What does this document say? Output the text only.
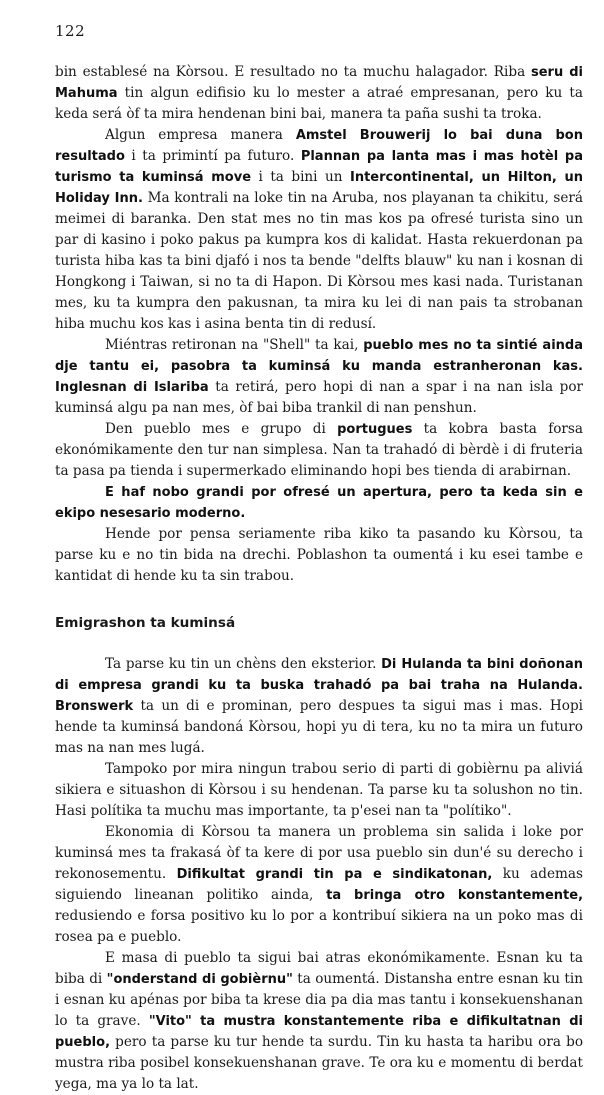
122

bin establesé na Kòrsou. E resultado no ta muchu halagador. Riba seru di Mahuma tin algun edifisio ku lo mester a atraé empresanan, pero ku ta keda será òf ta mira hendenan bini bai, manera ta paña sushi ta troka.

Algun empresa manera Amstel Brouwerij lo bai duna bon resultado i ta primintí pa futuro. Plannan pa lanta mas i mas hotèl pa turismo ta kuminsá move i ta bini un Intercontinental, un Hilton, un Holiday Inn. Ma kontrali na loke tin na Aruba, nos playanan ta chikitu, será meimei di baranka. Den stat mes no tin mas kos pa ofresé turista sino un par di kasino i poko pakus pa kumpra kos di kalidat. Hasta rekuerdonan pa turista hiba kas ta bini djafó i nos ta bende "delfts blauw" ku nan i kosnan di Hongkong i Taiwan, si no ta di Hapon. Di Kòrsou mes kasi nada. Turistanan mes, ku ta kumpra den pakusnan, ta mira ku lei di nan pais ta strobanan hiba muchu kos kas i asina benta tin di redusí.

Miéntras retironan na "Shell" ta kai, pueblo mes no ta sintié ainda dje tantu ei, pasobra ta kuminsá ku manda estranheronan kas. Inglesnan di Islariba ta retirá, pero hopi di nan a spar i na nan isla por kuminsá algu pa nan mes, òf bai biba trankil di nan penshun.

Den pueblo mes e grupo di portugues ta kobra basta forsa ekonómikamente den tur nan simplesa. Nan ta trahadó di bèrdè i di fruteria ta pasa pa tienda i supermerkado eliminando hopi bes tienda di arabirnan.

E haf nobo grandi por ofresé un apertura, pero ta keda sin e ekipo nesesario moderno.

Hende por pensa seriamente riba kiko ta pasando ku Kòrsou, ta parse ku e no tin bida na drechi. Poblashon ta oumentá i ku esei tambe e kantidat di hende ku ta sin trabou.

Emigrashon ta kuminsá

Ta parse ku tin un chèns den eksterior. Di Hulanda ta bini doñonan di empresa grandi ku ta buska trahadó pa bai traha na Hulanda. Bronswerk ta un di e prominan, pero despues ta sigui mas i mas. Hopi hende ta kuminsá bandoná Kòrsou, hopi yu di tera, ku no ta mira un futuro mas na nan mes lugá.

Tampoko por mira ningun trabou serio di parti di gobièrnu pa aliviá sikiera e situashon di Kòrsou i su hendenan. Ta parse ku ta solushon no tin. Hasi polítika ta muchu mas importante, ta p'esei nan ta "polítiko".

Ekonomia di Kòrsou ta manera un problema sin salida i loke por kuminsá mes ta frakasá òf ta kere di por usa pueblo sin dun'é su derecho i rekonosementu. Difikultat grandi tin pa e sindikatonan, ku ademas siguiendo lineanan politiko ainda, ta bringa otro konstantemente, redusiendo e forsa positivo ku lo por a kontribuí sikiera na un poko mas di rosea pa e pueblo.

E masa di pueblo ta sigui bai atras ekonómikamente. Esnan ku ta biba di "onderstand di gobièrnu" ta oumentá. Distansha entre esnan ku tin i esnan ku apénas por biba ta krese dia pa dia mas tantu i konsekuenshanan lo ta grave. "Vito" ta mustra konstantemente riba e difikultatnan di pueblo, pero ta parse ku tur hende ta surdu. Tin ku hasta ta haribu ora bo mustra riba posibel konsekuenshanan grave. Te ora ku e momentu di berdat yega, ma ya lo ta lat.
